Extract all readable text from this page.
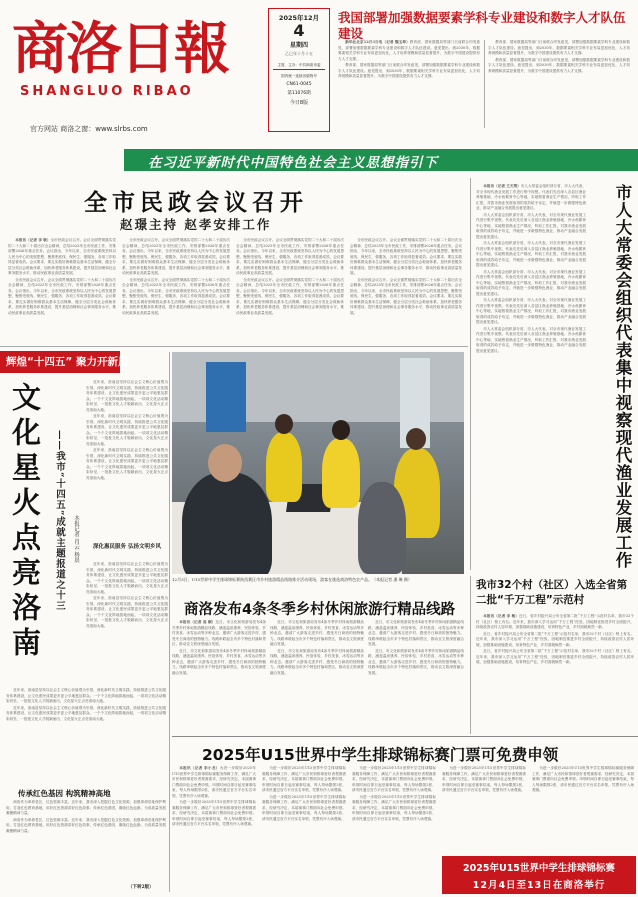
商洛日報
SHANGLUO RIBAO
官方网站 商洛之窗：www.slrbs.com
2025年12月
4
星期四
乙巳年十月十五
主管、主办：中共商洛市委
国内统一连续出版物号
CN61-0045
第11076期
今日8版
我国部署加强数据要素学科专业建设和数字人才队伍建设

新华社北京12月3日电（记者 魏玉坤）教育部、国家数据局等部门日前联合印发意见，部署加强数据要素学科专业建设和数字人才队伍建设。意见提出，到2030年，数据要素相关学科专业布局更加优化，人才培养规模和质量显著提升，为数字中国建设提供有力人才支撑。

教育部、国家数据局等部门日前联合印发意见，部署加强数据要素学科专业建设和数字人才队伍建设。意见提出，到2030年，数据要素相关学科专业布局更加优化，人才培养规模和质量显著提升，为数字中国建设提供有力人才支撑。

教育部、国家数据局等部门日前联合印发意见，部署加强数据要素学科专业建设和数字人才队伍建设。意见提出，到2030年，数据要素相关学科专业布局更加优化，人才培养规模和质量显著提升，为数字中国建设提供有力人才支撑。

教育部、国家数据局等部门日前联合印发意见，部署加强数据要素学科专业建设和数字人才队伍建设。意见提出，到2030年，数据要素相关学科专业布局更加优化，人才培养规模和质量显著提升，为数字中国建设提供有力人才支撑。

在习近平新时代中国特色社会主义思想指引下
全市民政会议召开
赵璟主持 赵孝安排工作

本报讯（记者 李 敏）全市民政会议召开。会议全面贯彻落实党的二十大和二十届历次全会精神，总结2025年全市民政工作，安排部署2026年重点任务。会议指出，今年以来，全市民政系统坚持以人民为中心的发展思想，聚焦兜底线、保民生、强服务，各项工作取得显著成效。会议要求，要扎实做好困难群众基本生活保障，健全分层分类社会救助体系，加快养老服务体系建设，提升基层治理和社会事务服务水平，推动民政事业高质量发展。

全市民政会议召开。会议全面贯彻落实党的二十大和二十届历次全会精神，总结2025年全市民政工作，安排部署2026年重点任务。会议指出，今年以来，全市民政系统坚持以人民为中心的发展思想，聚焦兜底线、保民生、强服务，各项工作取得显著成效。会议要求，要扎实做好困难群众基本生活保障，健全分层分类社会救助体系，加快养老服务体系建设，提升基层治理和社会事务服务水平，推动民政事业高质量发展。

全市民政会议召开。会议全面贯彻落实党的二十大和二十届历次全会精神，总结2025年全市民政工作，安排部署2026年重点任务。会议指出，今年以来，全市民政系统坚持以人民为中心的发展思想，聚焦兜底线、保民生、强服务，各项工作取得显著成效。会议要求，要扎实做好困难群众基本生活保障，健全分层分类社会救助体系，加快养老服务体系建设，提升基层治理和社会事务服务水平，推动民政事业高质量发展。

全市民政会议召开。会议全面贯彻落实党的二十大和二十届历次全会精神，总结2025年全市民政工作，安排部署2026年重点任务。会议指出，今年以来，全市民政系统坚持以人民为中心的发展思想，聚焦兜底线、保民生、强服务，各项工作取得显著成效。会议要求，要扎实做好困难群众基本生活保障，健全分层分类社会救助体系，加快养老服务体系建设，提升基层治理和社会事务服务水平，推动民政事业高质量发展。

全市民政会议召开。会议全面贯彻落实党的二十大和二十届历次全会精神，总结2025年全市民政工作，安排部署2026年重点任务。会议指出，今年以来，全市民政系统坚持以人民为中心的发展思想，聚焦兜底线、保民生、强服务，各项工作取得显著成效。会议要求，要扎实做好困难群众基本生活保障，健全分层分类社会救助体系，加快养老服务体系建设，提升基层治理和社会事务服务水平，推动民政事业高质量发展。

全市民政会议召开。会议全面贯彻落实党的二十大和二十届历次全会精神，总结2025年全市民政工作，安排部署2026年重点任务。会议指出，今年以来，全市民政系统坚持以人民为中心的发展思想，聚焦兜底线、保民生、强服务，各项工作取得显著成效。会议要求，要扎实做好困难群众基本生活保障，健全分层分类社会救助体系，加快养老服务体系建设，提升基层治理和社会事务服务水平，推动民政事业高质量发展。

全市民政会议召开。会议全面贯彻落实党的二十大和二十届历次全会精神，总结2025年全市民政工作，安排部署2026年重点任务。会议指出，今年以来，全市民政系统坚持以人民为中心的发展思想，聚焦兜底线、保民生、强服务，各项工作取得显著成效。会议要求，要扎实做好困难群众基本生活保障，健全分层分类社会救助体系，加快养老服务体系建设，提升基层治理和社会事务服务水平，推动民政事业高质量发展。

全市民政会议召开。会议全面贯彻落实党的二十大和二十届历次全会精神，总结2025年全市民政工作，安排部署2026年重点任务。会议指出，今年以来，全市民政系统坚持以人民为中心的发展思想，聚焦兜底线、保民生、强服务，各项工作取得显著成效。会议要求，要扎实做好困难群众基本生活保障，健全分层分类社会救助体系，加快养老服务体系建设，提升基层治理和社会事务服务水平，推动民政事业高质量发展。

本报讯（记者 王天荆）市人大常委会组织部分省、市人大代表，对全市现代渔业发展工作进行集中视察。代表们先后深入各县区渔业养殖基地、冷水鱼繁育中心等地，实地察看渔业生产情况，听取工作汇报，对我市渔业发展取得的成效给予肯定，并就进一步做强特色渔业、推动产业融合发展提出意见建议。

市人大常委会组织部分省、市人大代表，对全市现代渔业发展工作进行集中视察。代表们先后深入各县区渔业养殖基地、冷水鱼繁育中心等地，实地察看渔业生产情况，听取工作汇报，对我市渔业发展取得的成效给予肯定，并就进一步做强特色渔业、推动产业融合发展提出意见建议。

市人大常委会组织部分省、市人大代表，对全市现代渔业发展工作进行集中视察。代表们先后深入各县区渔业养殖基地、冷水鱼繁育中心等地，实地察看渔业生产情况，听取工作汇报，对我市渔业发展取得的成效给予肯定，并就进一步做强特色渔业、推动产业融合发展提出意见建议。

市人大常委会组织部分省、市人大代表，对全市现代渔业发展工作进行集中视察。代表们先后深入各县区渔业养殖基地、冷水鱼繁育中心等地，实地察看渔业生产情况，听取工作汇报，对我市渔业发展取得的成效给予肯定，并就进一步做强特色渔业、推动产业融合发展提出意见建议。

市人大常委会组织部分省、市人大代表，对全市现代渔业发展工作进行集中视察。代表们先后深入各县区渔业养殖基地、冷水鱼繁育中心等地，实地察看渔业生产情况，听取工作汇报，对我市渔业发展取得的成效给予肯定，并就进一步做强特色渔业、推动产业融合发展提出意见建议。

市人大常委会组织部分省、市人大代表，对全市现代渔业发展工作进行集中视察。代表们先后深入各县区渔业养殖基地、冷水鱼繁育中心等地，实地察看渔业生产情况，听取工作汇报，对我市渔业发展取得的成效给予肯定，并就进一步做强特色渔业、推动产业融合发展提出意见建议。	市人大常委会组织代表集中视察现代渔业发展工作
辉煌“十四五” 聚力开新局
文化星火点亮洛南	——我市“十四五”成就主题报道之十三	本报记者 肖云 杨晨

近年来，洛南县坚持以社会主义核心价值观为引领，深化新时代文明实践，持续推进公共文化服务体系建设，让文化惠民成果更多更公平地惠及群众。一个个文化阵地拔地而起，一项项文化活动精彩纷呈，一批批文化人才脱颖而出，文化星火正点亮洛南大地。

近年来，洛南县坚持以社会主义核心价值观为引领，深化新时代文明实践，持续推进公共文化服务体系建设，让文化惠民成果更多更公平地惠及群众。一个个文化阵地拔地而起，一项项文化活动精彩纷呈，一批批文化人才脱颖而出，文化星火正点亮洛南大地。

近年来，洛南县坚持以社会主义核心价值观为引领，深化新时代文明实践，持续推进公共文化服务体系建设，让文化惠民成果更多更公平地惠及群众。一个个文化阵地拔地而起，一项项文化活动精彩纷呈，一批批文化人才脱颖而出，文化星火正点亮洛南大地。

深化惠民服务 弘扬文明乡风

近年来，洛南县坚持以社会主义核心价值观为引领，深化新时代文明实践，持续推进公共文化服务体系建设，让文化惠民成果更多更公平地惠及群众。一个个文化阵地拔地而起，一项项文化活动精彩纷呈，一批批文化人才脱颖而出，文化星火正点亮洛南大地。

近年来，洛南县坚持以社会主义核心价值观为引领，深化新时代文明实践，持续推进公共文化服务体系建设，让文化惠民成果更多更公平地惠及群众。一个个文化阵地拔地而起，一项项文化活动精彩纷呈，一批批文化人才脱颖而出，文化星火正点亮洛南大地。

近年来，洛南县坚持以社会主义核心价值观为引领，深化新时代文明实践，持续推进公共文化服务体系建设，让文化惠民成果更多更公平地惠及群众。一个个文化阵地拔地而起，一项项文化活动精彩纷呈，一批批文化人才脱颖而出，文化星火正点亮洛南大地。

近年来，洛南县坚持以社会主义核心价值观为引领，深化新时代文明实践，持续推进公共文化服务体系建设，让文化惠民成果更多更公平地惠及群众。一个个文化阵地拔地而起，一项项文化活动精彩纷呈，一批批文化人才脱颖而出，文化星火正点亮洛南大地。

12月3日，U15世界中学生排球锦标赛陕西赛区市乡村旅游精品线路推介活动现场，游客在挑选商洛特色农产品。（本报记者 潘 琳 摄）
商洛发布4条冬季乡村休闲旅游行精品线路

本报讯（记者 高 颖）近日，市文化和旅游局发布4条冬季乡村休闲旅游精品线路，涵盖温泉康养、民俗体验、乡村美食、冰雪运动等多种业态，邀请广大游客走进乡村、感受冬日商洛的独特魅力。线路串联起全市多个特色村落和景区，推动农文旅深度融合发展。

近日，市文化和旅游局发布4条冬季乡村休闲旅游精品线路，涵盖温泉康养、民俗体验、乡村美食、冰雪运动等多种业态，邀请广大游客走进乡村、感受冬日商洛的独特魅力。线路串联起全市多个特色村落和景区，推动农文旅深度融合发展。

近日，市文化和旅游局发布4条冬季乡村休闲旅游精品线路，涵盖温泉康养、民俗体验、乡村美食、冰雪运动等多种业态，邀请广大游客走进乡村、感受冬日商洛的独特魅力。线路串联起全市多个特色村落和景区，推动农文旅深度融合发展。

近日，市文化和旅游局发布4条冬季乡村休闲旅游精品线路，涵盖温泉康养、民俗体验、乡村美食、冰雪运动等多种业态，邀请广大游客走进乡村、感受冬日商洛的独特魅力。线路串联起全市多个特色村落和景区，推动农文旅深度融合发展。

近日，市文化和旅游局发布4条冬季乡村休闲旅游精品线路，涵盖温泉康养、民俗体验、乡村美食、冰雪运动等多种业态，邀请广大游客走进乡村、感受冬日商洛的独特魅力。线路串联起全市多个特色村落和景区，推动农文旅深度融合发展。

近日，市文化和旅游局发布4条冬季乡村休闲旅游精品线路，涵盖温泉康养、民俗体验、乡村美食、冰雪运动等多种业态，邀请广大游客走进乡村、感受冬日商洛的独特魅力。线路串联起全市多个特色村落和景区，推动农文旅深度融合发展。

我市32个村（社区）入选全省第二批“千万工程”示范村

本报讯（记者 李 敏）近日，省乡村振兴局公布全省第二批“千万工程”示范村名单，我市32个村（社区）榜上有名。近年来，我市深入学习运用“千万工程”经验，因地制宜推进乡村全面振兴，持续改善农村人居环境，加强基础设施建设，培育特色产业，乡村面貌焕然一新。

近日，省乡村振兴局公布全省第二批“千万工程”示范村名单，我市32个村（社区）榜上有名。近年来，我市深入学习运用“千万工程”经验，因地制宜推进乡村全面振兴，持续改善农村人居环境，加强基础设施建设，培育特色产业，乡村面貌焕然一新。

近日，省乡村振兴局公布全省第二批“千万工程”示范村名单，我市32个村（社区）榜上有名。近年来，我市深入学习运用“千万工程”经验，因地制宜推进乡村全面振兴，持续改善农村人居环境，加强基础设施建设，培育特色产业，乡村面貌焕然一新。

2025年U15世界中学生排球锦标赛门票可免费申领

本报讯（记者 李小龙）为进一步做好2025年U15世界中学生排球锦标赛服务保障工作，满足广大市民和排球爱好者观赛需求，经研究决定，本届赛事门票面向社会免费申领。申领时间自即日起至赛事结束，每人每场限领2张，请市民通过官方平台实名申领，凭票有序入场观赛。

为进一步做好2025年U15世界中学生排球锦标赛服务保障工作，满足广大市民和排球爱好者观赛需求，经研究决定，本届赛事门票面向社会免费申领。申领时间自即日起至赛事结束，每人每场限领2张，请市民通过官方平台实名申领，凭票有序入场观赛。

为进一步做好2025年U15世界中学生排球锦标赛服务保障工作，满足广大市民和排球爱好者观赛需求，经研究决定，本届赛事门票面向社会免费申领。申领时间自即日起至赛事结束，每人每场限领2张，请市民通过官方平台实名申领，凭票有序入场观赛。

为进一步做好2025年U15世界中学生排球锦标赛服务保障工作，满足广大市民和排球爱好者观赛需求，经研究决定，本届赛事门票面向社会免费申领。申领时间自即日起至赛事结束，每人每场限领2张，请市民通过官方平台实名申领，凭票有序入场观赛。

为进一步做好2025年U15世界中学生排球锦标赛服务保障工作，满足广大市民和排球爱好者观赛需求，经研究决定，本届赛事门票面向社会免费申领。申领时间自即日起至赛事结束，每人每场限领2张，请市民通过官方平台实名申领，凭票有序入场观赛。

为进一步做好2025年U15世界中学生排球锦标赛服务保障工作，满足广大市民和排球爱好者观赛需求，经研究决定，本届赛事门票面向社会免费申领。申领时间自即日起至赛事结束，每人每场限领2张，请市民通过官方平台实名申领，凭票有序入场观赛。

为进一步做好2025年U15世界中学生排球锦标赛服务保障工作，满足广大市民和排球爱好者观赛需求，经研究决定，本届赛事门票面向社会免费申领。申领时间自即日起至赛事结束，每人每场限领2张，请市民通过官方平台实名申领，凭票有序入场观赛。

为进一步做好2025年U15世界中学生排球锦标赛服务保障工作，满足广大市民和排球爱好者观赛需求，经研究决定，本届赛事门票面向社会免费申领。申领时间自即日起至赛事结束，每人每场限领2张，请市民通过官方平台实名申领，凭票有序入场观赛。

2025年U15世界中学生排球锦标赛
12月4日至13日在商洛举行
传承红色基因 构筑精神高地

商洛作为革命老区，红色资源丰富。近年来，我市深入挖掘红色文化资源，加强革命旧址保护利用，打造红色教育基地，用好红色资源讲好红色故事，传承红色基因，赓续红色血脉，为高质量发展凝聚精神力量。

商洛作为革命老区，红色资源丰富。近年来，我市深入挖掘红色文化资源，加强革命旧址保护利用，打造红色教育基地，用好红色资源讲好红色故事，传承红色基因，赓续红色血脉，为高质量发展凝聚精神力量。

（下转2版）
